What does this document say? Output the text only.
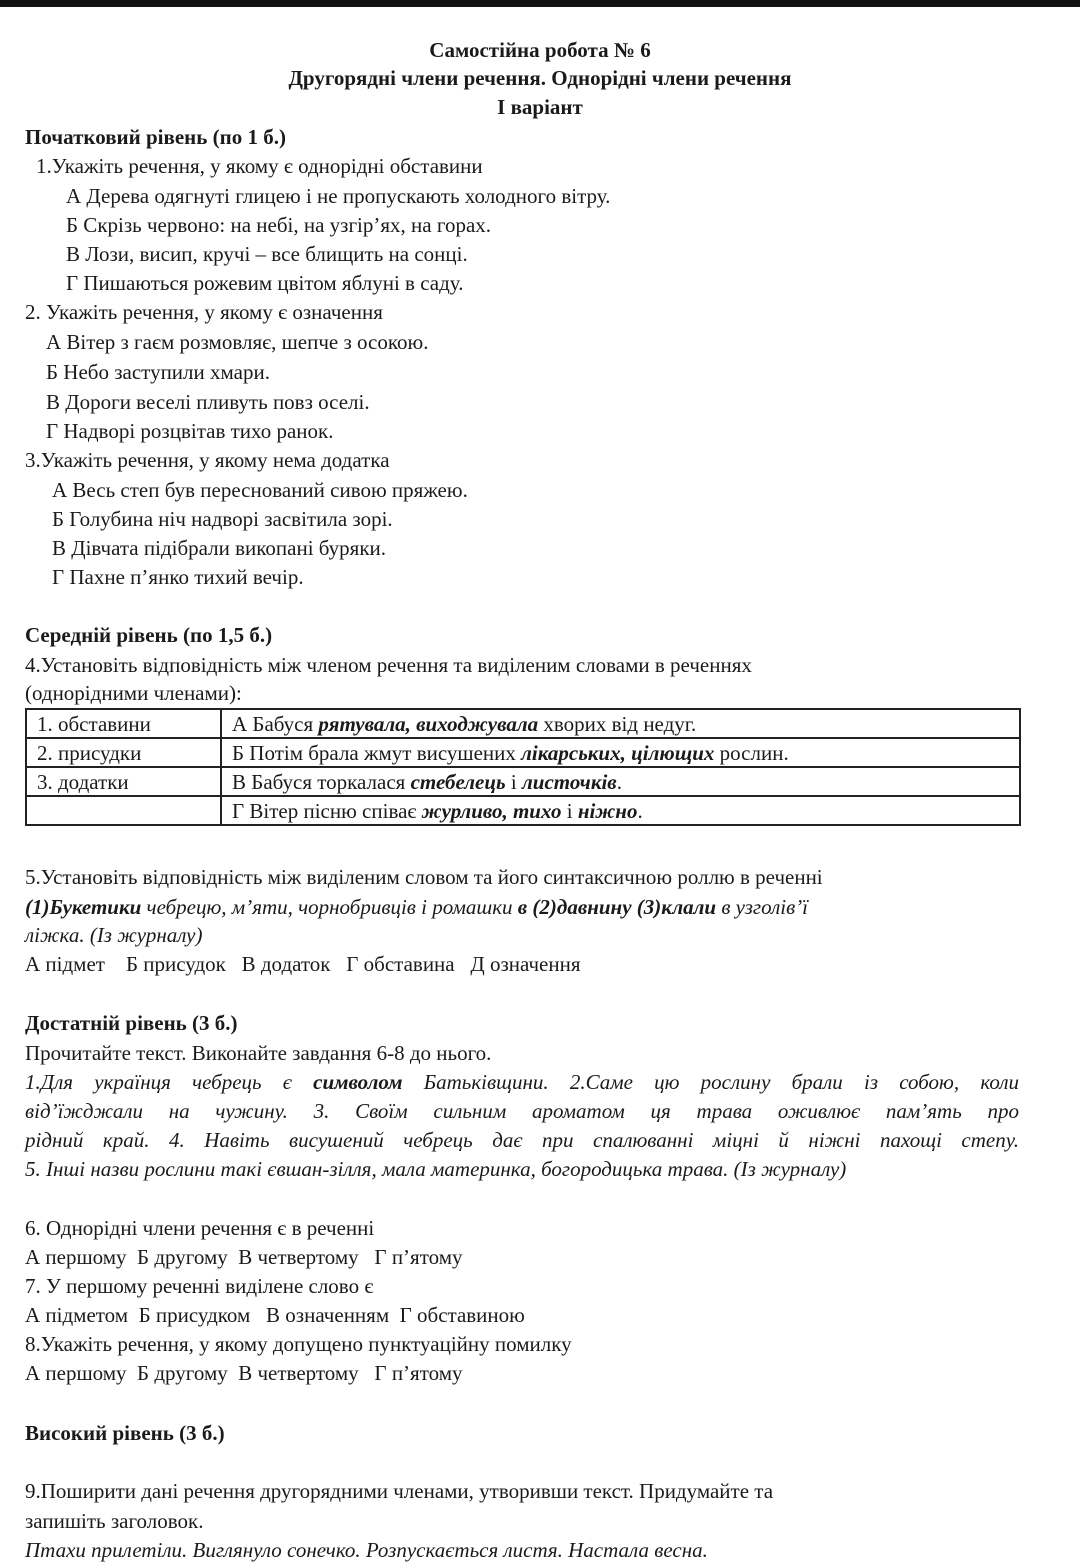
Самостійна робота № 6
Другорядні члени речення. Однорідні члени речення
І варіант
Початковий рівень (по 1 б.)
1.Укажіть речення, у якому є однорідні обставини
А Дерева одягнуті глицею і не пропускають холодного вітру.
Б Скрізь червоно: на небі, на узгір’ях, на горах.
В Лози, висип, кручі – все блищить на сонці.
Г Пишаються рожевим цвітом яблуні в саду.
2. Укажіть речення, у якому є означення
А Вітер з гаєм розмовляє, шепче з осокою.
Б Небо заступили хмари.
В Дороги веселі пливуть повз оселі.
Г Надворі розцвітав тихо ранок.
3.Укажіть речення, у якому нема додатка
А Весь степ був переснований сивою пряжею.
Б Голубина ніч надворі засвітила зорі.
В Дівчата підібрали викопані буряки.
Г Пахне п’янко тихий вечір.
Середній рівень (по 1,5 б.)
4.Установіть відповідність між членом речення та виділеним словами в реченнях
(однорідними членами):
1. обставини	А Бабуся рятувала, виходжувала хворих від недуг.
2. присудки	Б Потім брала жмут висушених лікарських, цілющих рослин.
3. додатки	В Бабуся торкалася стебелець і листочків.
	Г Вітер пісню співає журливо, тихо і ніжно.
5.Установіть відповідність між виділеним словом та його синтаксичною роллю в реченні
(1)Букетики чебрецю, м’яти, чорнобривців і ромашки в (2)давнину (3)клали в узголів’ї
ліжка. (Із журналу)
А підмет    Б присудок   В додаток   Г обставина   Д означення
Достатній рівень (3 б.)
Прочитайте текст. Виконайте завдання 6-8 до нього.
1.Для українця чебрець є символом Батьківщини. 2.Саме цю рослину брали із собою, коли
від’їжджали на чужину. 3. Своїм сильним ароматом ця трава оживлює пам’ять про
рідний край. 4. Навіть висушений чебрець дає при спалюванні міцні й ніжні пахощі степу.
5. Інші назви рослини такі євшан-зілля, мала материнка, богородицька трава. (Із журналу)
6. Однорідні члени речення є в реченні
А першому  Б другому  В четвертому   Г п’ятому
7. У першому реченні виділене слово є
А підметом  Б присудком   В означенням  Г обставиною
8.Укажіть речення, у якому допущено пунктуаційну помилку
А першому  Б другому  В четвертому   Г п’ятому
Високий рівень (3 б.)
9.Поширити дані речення другорядними членами, утворивши текст. Придумайте та
запишіть заголовок.
Птахи прилетіли. Виглянуло сонечко. Розпускається листя. Настала весна.
